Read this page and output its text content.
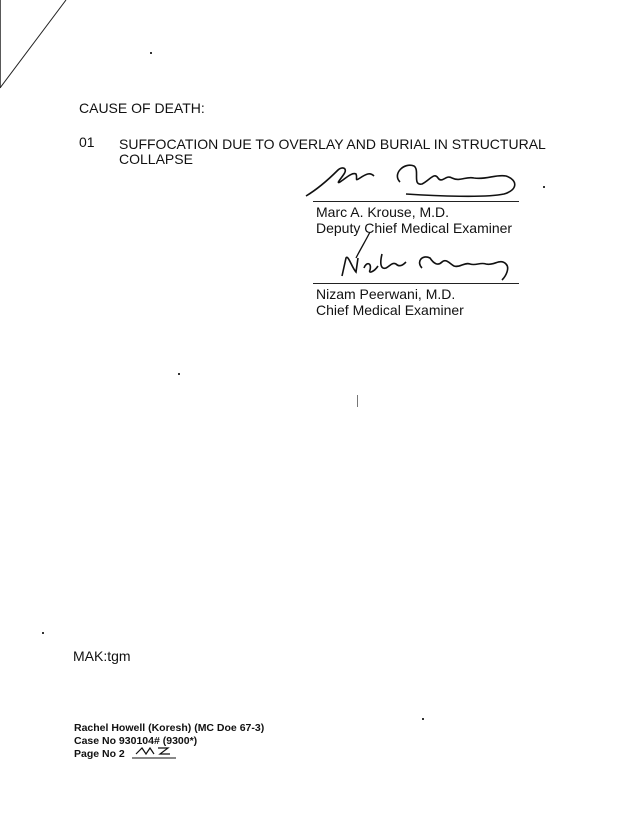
CAUSE OF DEATH:
01 SUFFOCATION DUE TO OVERLAY AND BURIAL IN STRUCTURAL
COLLAPSE
Marc A. Krouse, M.D.
Deputy Chief Medical Examiner
Nizam Peerwani, M.D.
Chief Medical Examiner
MAK:tgm
Rachel Howell (Koresh) (MC Doe 67-3)
Case No 930104# (9300*)
Page No 2
